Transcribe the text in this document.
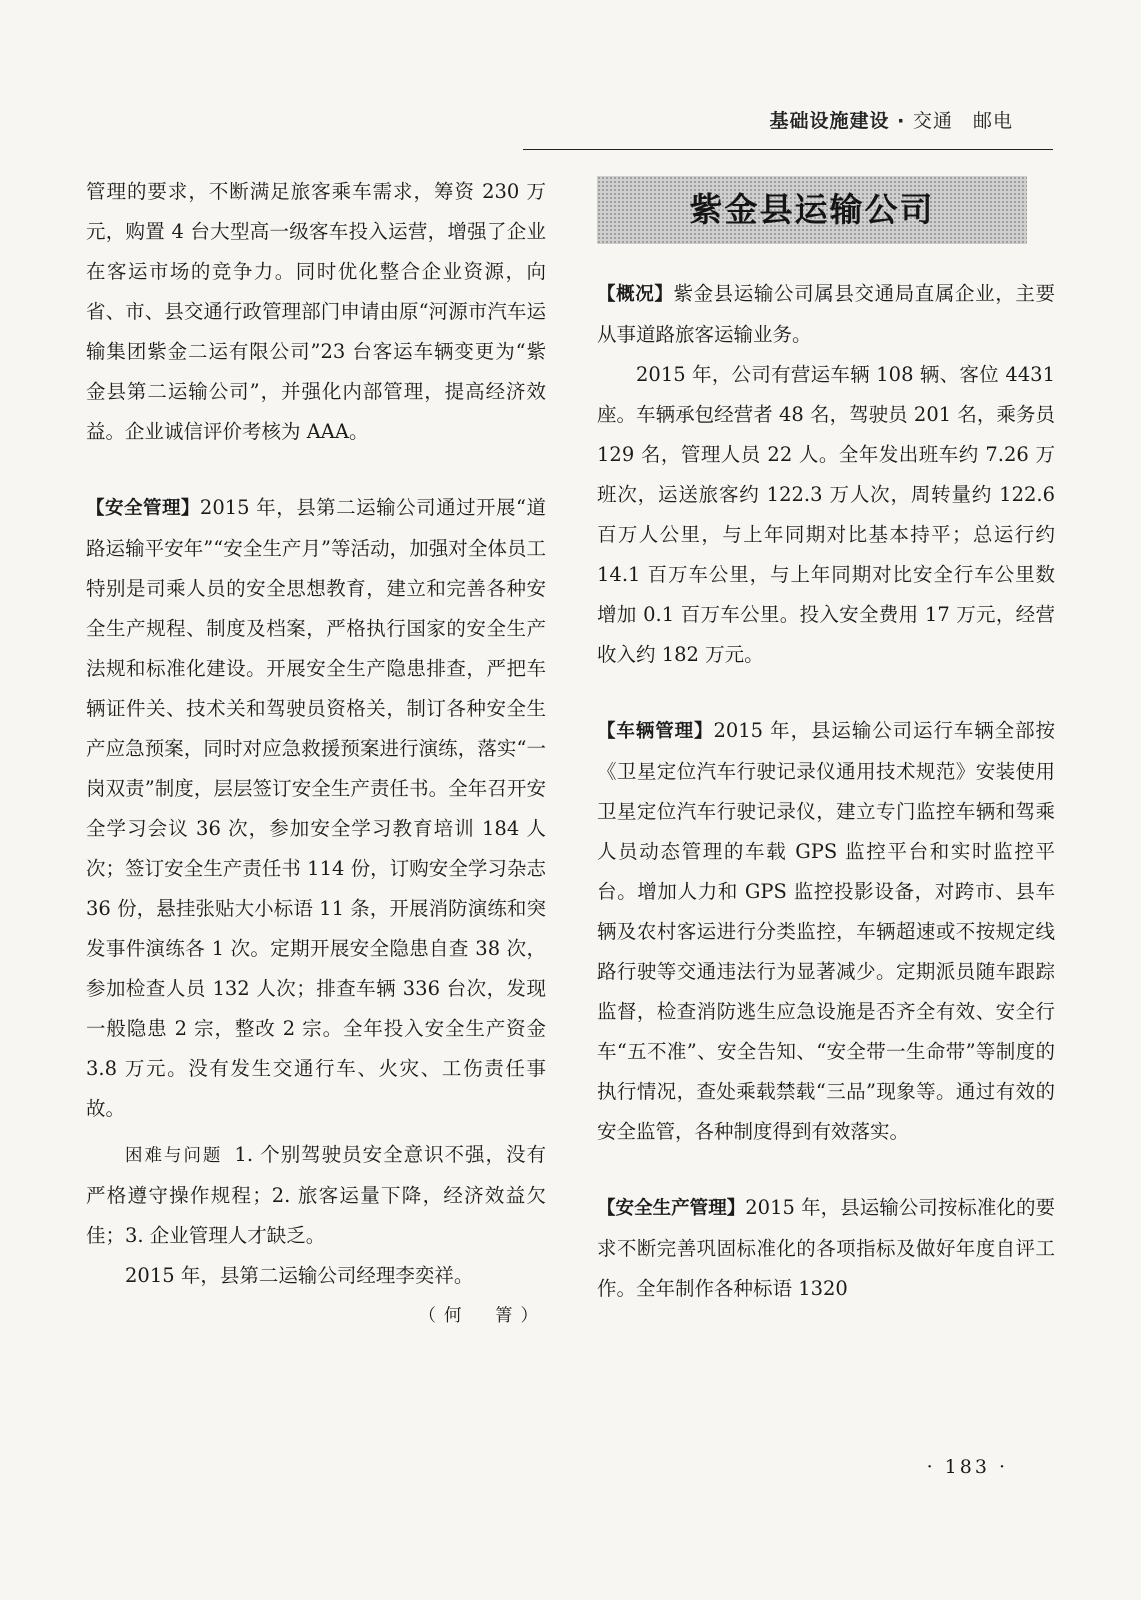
基础设施建设 · 交通　邮电

管理的要求，不断满足旅客乘车需求，筹资 230 万元，购置 4 台大型高一级客车投入运营，增强了企业在客运市场的竞争力。同时优化整合企业资源，向省、市、县交通行政管理部门申请由原“河源市汽车运输集团紫金二运有限公司”23 台客运车辆变更为“紫金县第二运输公司”，并强化内部管理，提高经济效益。企业诚信评价考核为 AAA。

【安全管理】2015 年，县第二运输公司通过开展“道路运输平安年”“安全生产月”等活动，加强对全体员工特别是司乘人员的安全思想教育，建立和完善各种安全生产规程、制度及档案，严格执行国家的安全生产法规和标准化建设。开展安全生产隐患排查，严把车辆证件关、技术关和驾驶员资格关，制订各种安全生产应急预案，同时对应急救援预案进行演练，落实“一岗双责”制度，层层签订安全生产责任书。全年召开安全学习会议 36 次，参加安全学习教育培训 184 人次；签订安全生产责任书 114 份，订购安全学习杂志 36 份，悬挂张贴大小标语 11 条，开展消防演练和突发事件演练各 1 次。定期开展安全隐患自查 38 次，参加检查人员 132 人次；排查车辆 336 台次，发现一般隐患 2 宗，整改 2 宗。全年投入安全生产资金 3.8 万元。没有发生交通行车、火灾、工伤责任事故。

困难与问题 1. 个别驾驶员安全意识不强，没有严格遵守操作规程；2. 旅客运量下降，经济效益欠佳；3. 企业管理人才缺乏。

2015 年，县第二运输公司经理李奕祥。

（何　箐）

紫金县运输公司

【概况】紫金县运输公司属县交通局直属企业，主要从事道路旅客运输业务。

2015 年，公司有营运车辆 108 辆、客位 4431 座。车辆承包经营者 48 名，驾驶员 201 名，乘务员 129 名，管理人员 22 人。全年发出班车约 7.26 万班次，运送旅客约 122.3 万人次，周转量约 122.6 百万人公里，与上年同期对比基本持平；总运行约 14.1 百万车公里，与上年同期对比安全行车公里数增加 0.1 百万车公里。投入安全费用 17 万元，经营收入约 182 万元。

【车辆管理】2015 年，县运输公司运行车辆全部按《卫星定位汽车行驶记录仪通用技术规范》安装使用卫星定位汽车行驶记录仪，建立专门监控车辆和驾乘人员动态管理的车载 GPS 监控平台和实时监控平台。增加人力和 GPS 监控投影设备，对跨市、县车辆及农村客运进行分类监控，车辆超速或不按规定线路行驶等交通违法行为显著减少。定期派员随车跟踪监督，检查消防逃生应急设施是否齐全有效、安全行车“五不准”、安全告知、“安全带一生命带”等制度的执行情况，查处乘载禁载“三品”现象等。通过有效的安全监管，各种制度得到有效落实。

【安全生产管理】2015 年，县运输公司按标准化的要求不断完善巩固标准化的各项指标及做好年度自评工作。全年制作各种标语 1320

· 183 ·
